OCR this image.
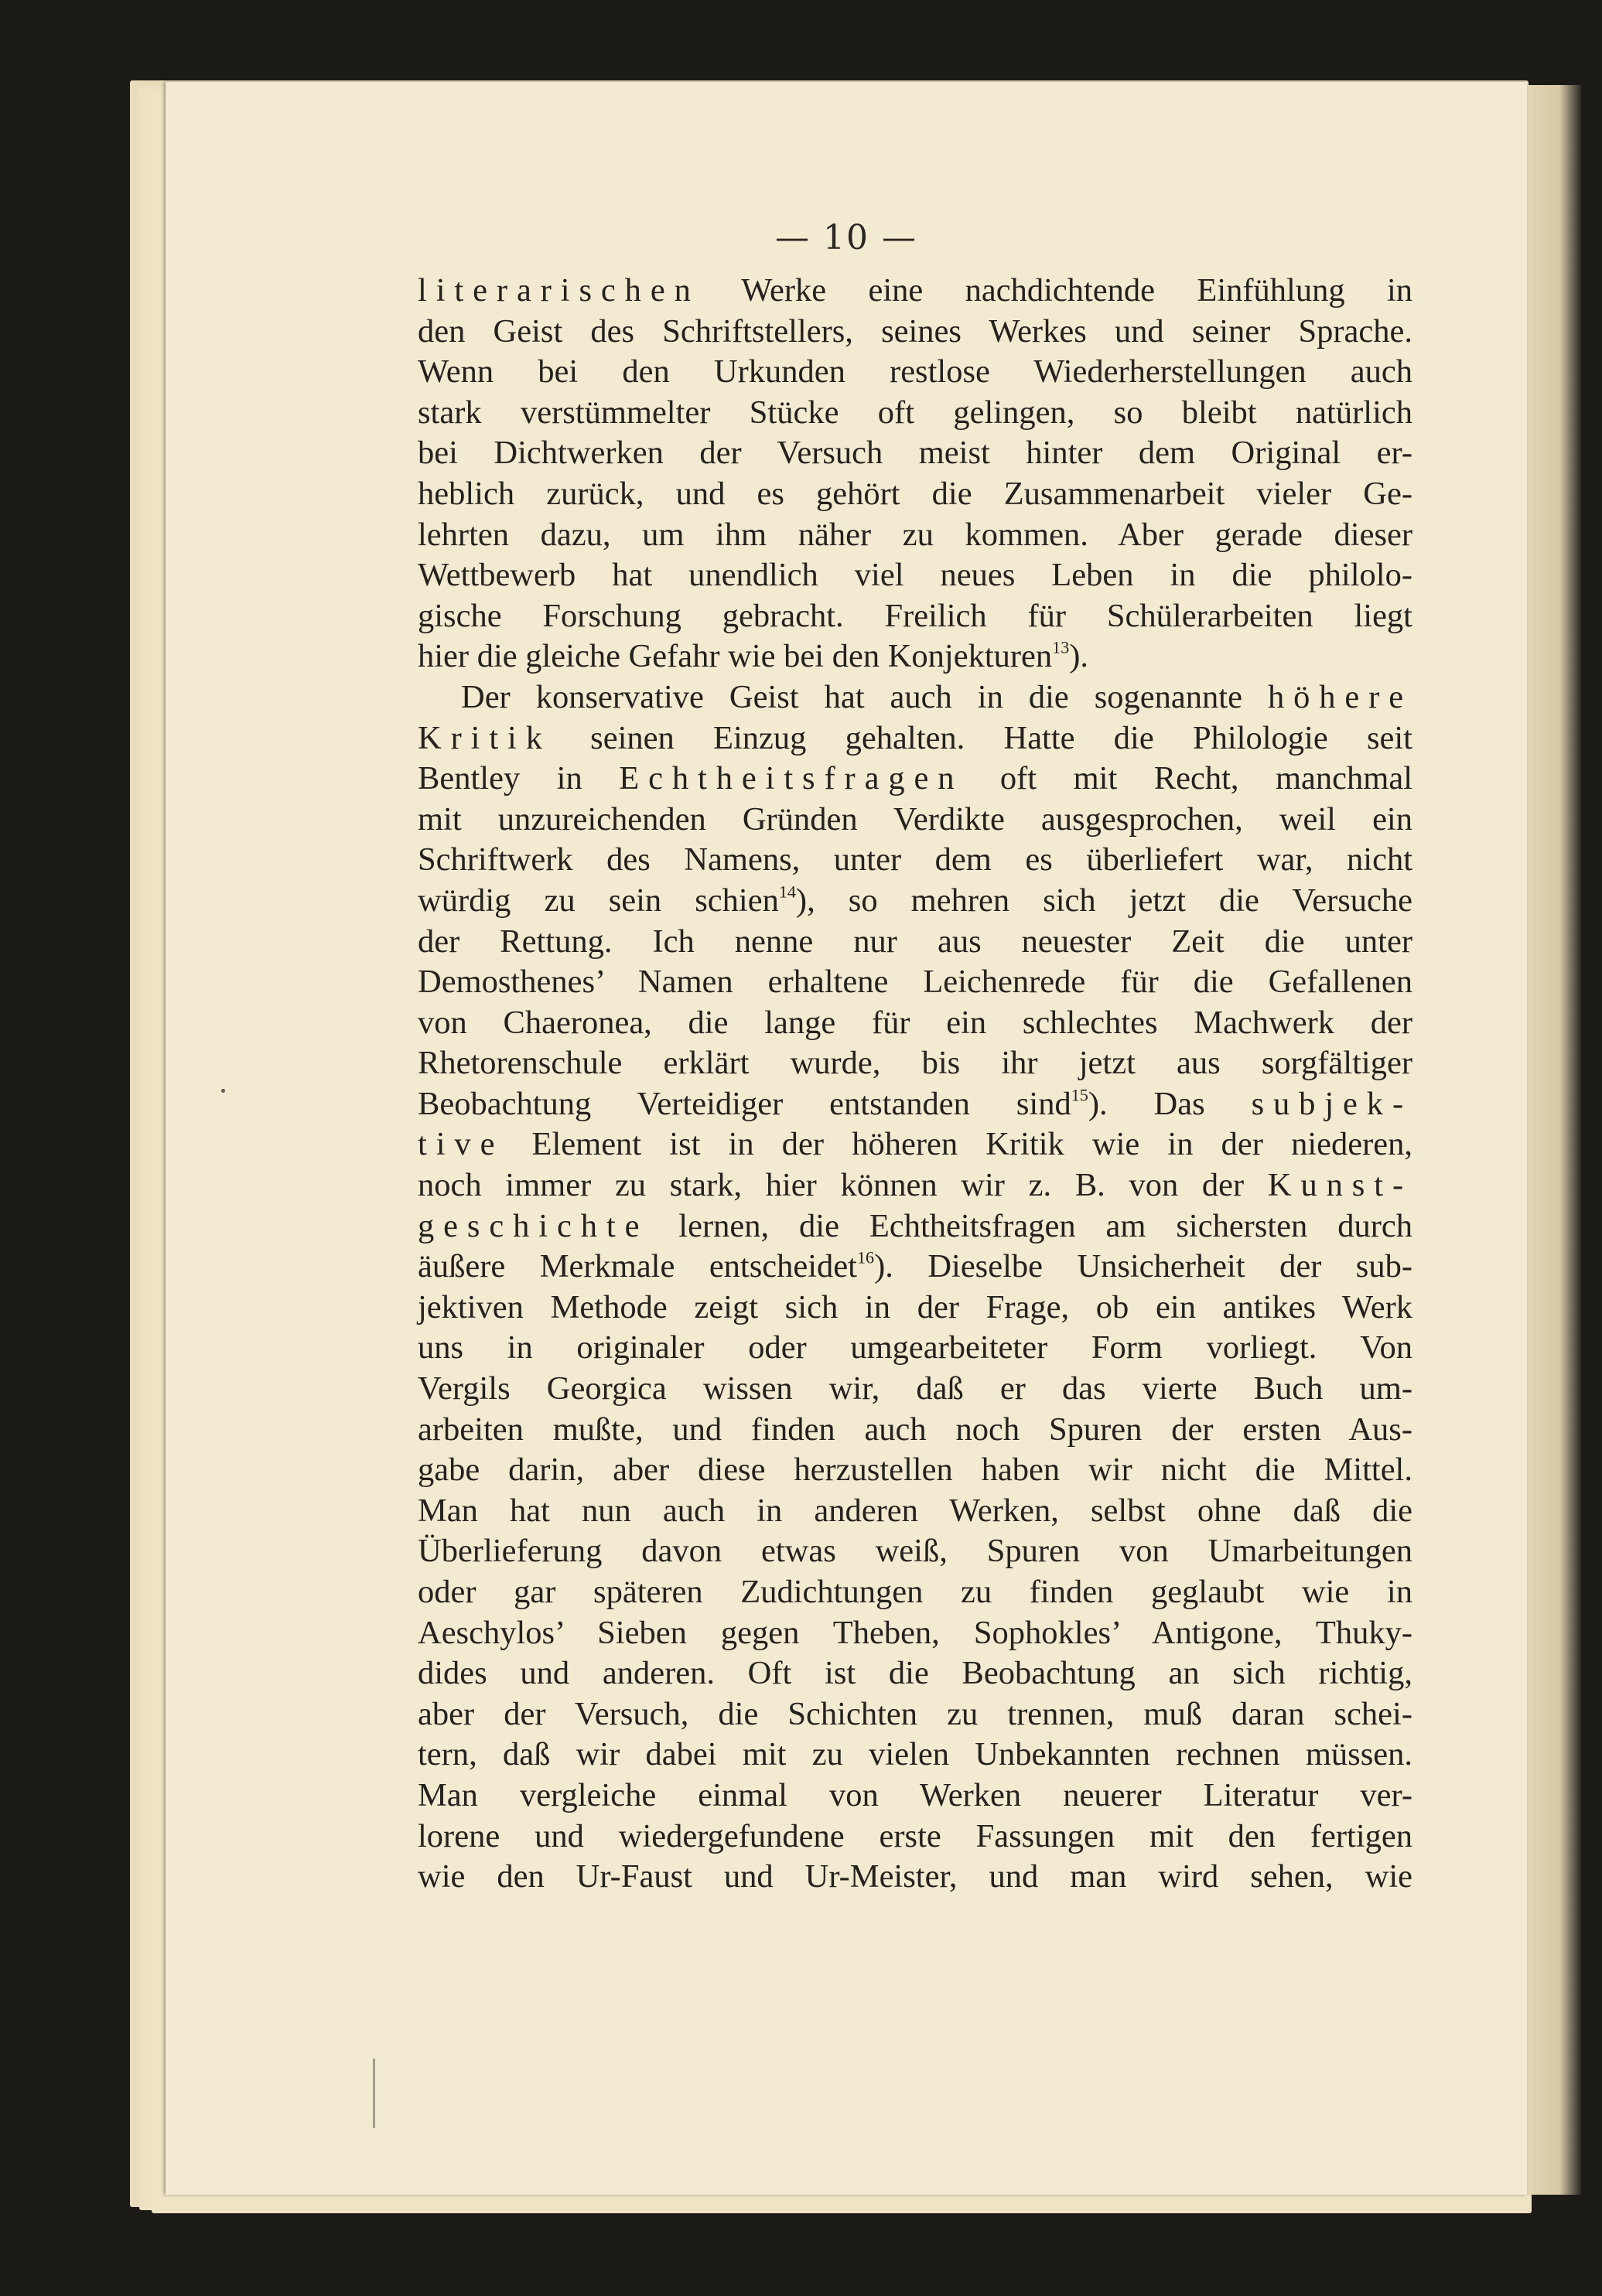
— 10 —
literarischen Werke eine nachdichtende Einfühlung in
den Geist des Schriftstellers, seines Werkes und seiner Sprache.
Wenn bei den Urkunden restlose Wiederherstellungen auch
stark verstümmelter Stücke oft gelingen, so bleibt natürlich
bei Dichtwerken der Versuch meist hinter dem Original er-
heblich zurück, und es gehört die Zusammenarbeit vieler Ge-
lehrten dazu, um ihm näher zu kommen. Aber gerade dieser
Wettbewerb hat unendlich viel neues Leben in die philolo-
gische Forschung gebracht. Freilich für Schülerarbeiten liegt
hier die gleiche Gefahr wie bei den Konjekturen$^{13}$).
Der konservative Geist hat auch in die sogenannte höhere
Kritik seinen Einzug gehalten. Hatte die Philologie seit
Bentley in Echtheitsfragen oft mit Recht, manchmal
mit unzureichenden Gründen Verdikte ausgesprochen, weil ein
Schriftwerk des Namens, unter dem es überliefert war, nicht
würdig zu sein schien$^{14}$), so mehren sich jetzt die Versuche
der Rettung. Ich nenne nur aus neuester Zeit die unter
Demosthenes’ Namen erhaltene Leichenrede für die Gefallenen
von Chaeronea, die lange für ein schlechtes Machwerk der
Rhetorenschule erklärt wurde, bis ihr jetzt aus sorgfältiger
Beobachtung Verteidiger entstanden sind$^{15}$). Das subjek-
tive Element ist in der höheren Kritik wie in der niederen,
noch immer zu stark, hier können wir z. B. von der Kunst-
geschichte lernen, die Echtheitsfragen am sichersten durch
äußere Merkmale entscheidet$^{16}$). Dieselbe Unsicherheit der sub-
jektiven Methode zeigt sich in der Frage, ob ein antikes Werk
uns in originaler oder umgearbeiteter Form vorliegt. Von
Vergils Georgica wissen wir, daß er das vierte Buch um-
arbeiten mußte, und finden auch noch Spuren der ersten Aus-
gabe darin, aber diese herzustellen haben wir nicht die Mittel.
Man hat nun auch in anderen Werken, selbst ohne daß die
Überlieferung davon etwas weiß, Spuren von Umarbeitungen
oder gar späteren Zudichtungen zu finden geglaubt wie in
Aeschylos’ Sieben gegen Theben, Sophokles’ Antigone, Thuky-
dides und anderen. Oft ist die Beobachtung an sich richtig,
aber der Versuch, die Schichten zu trennen, muß daran schei-
tern, daß wir dabei mit zu vielen Unbekannten rechnen müssen.
Man vergleiche einmal von Werken neuerer Literatur ver-
lorene und wiedergefundene erste Fassungen mit den fertigen
wie den Ur-Faust und Ur-Meister, und man wird sehen, wie
